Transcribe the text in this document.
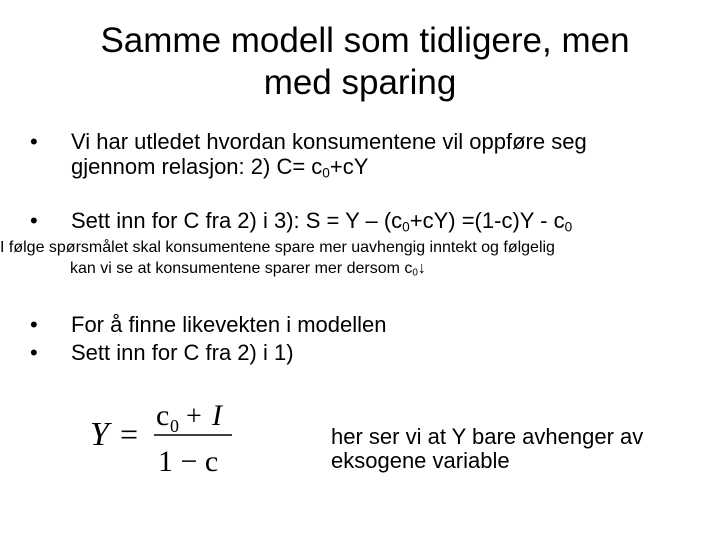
Samme modell som tidligere, men
med sparing
• Vi har utledet hvordan konsumentene vil oppføre seg
gjennom relasjon: 2) $C= c_0+cY$
• Sett inn for C fra 2) i 3): $S = Y - (c_0+cY) =(1-c)Y - c_0$
I følge spørsmålet skal konsumentene spare mer uavhengig inntekt og følgelig
kan vi se at konsumentene sparer mer dersom $c_0↓$
• For å finne likevekten i modellen
• Sett inn for C fra 2) i 1)
Y =
c 0 + I
1 − c
her ser vi at Y bare avhenger av
eksogene variable
